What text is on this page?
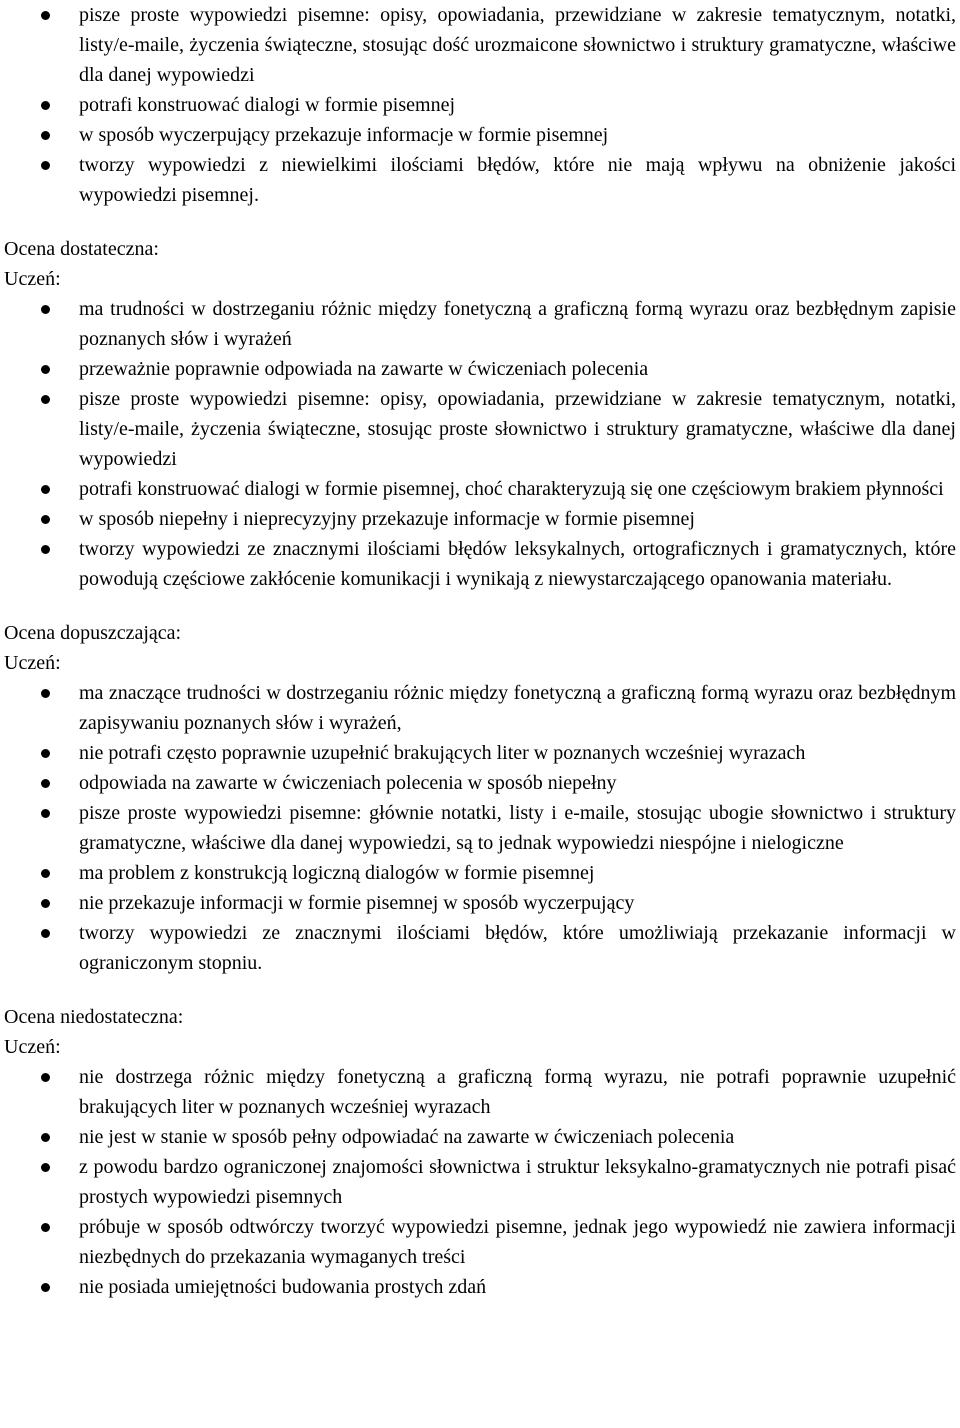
pisze proste wypowiedzi pisemne: opisy, opowiadania, przewidziane w zakresie tematycznym, notatki, listy/e-maile, życzenia świąteczne, stosując dość urozmaicone słownictwo i struktury gramatyczne, właściwe dla danej wypowiedzi
potrafi konstruować dialogi w formie pisemnej
w sposób wyczerpujący przekazuje informacje w formie pisemnej
tworzy wypowiedzi z niewielkimi ilościami błędów, które nie mają wpływu na obniżenie jakości wypowiedzi pisemnej.
Ocena dostateczna:
Uczeń:
ma trudności w dostrzeganiu różnic między fonetyczną a graficzną formą wyrazu oraz bezbłędnym zapisie poznanych słów i wyrażeń
przeważnie poprawnie odpowiada na zawarte w ćwiczeniach polecenia
pisze proste wypowiedzi pisemne: opisy, opowiadania, przewidziane w zakresie tematycznym, notatki, listy/e-maile, życzenia świąteczne, stosując proste słownictwo i struktury gramatyczne, właściwe dla danej wypowiedzi
potrafi konstruować dialogi w formie pisemnej, choć charakteryzują się one częściowym brakiem płynności
w sposób niepełny i nieprecyzyjny przekazuje informacje w formie pisemnej
tworzy wypowiedzi ze znacznymi ilościami błędów leksykalnych, ortograficznych i gramatycznych, które powodują częściowe zakłócenie komunikacji i wynikają z niewystarczającego opanowania materiału.
Ocena dopuszczająca:
Uczeń:
ma znaczące trudności w dostrzeganiu różnic między fonetyczną a graficzną formą wyrazu oraz bezbłędnym zapisywaniu poznanych słów i wyrażeń,
nie potrafi często poprawnie uzupełnić brakujących liter w poznanych wcześniej wyrazach
odpowiada na zawarte w ćwiczeniach polecenia w sposób niepełny
pisze proste wypowiedzi pisemne: głównie notatki, listy i e-maile, stosując ubogie słownictwo i struktury gramatyczne, właściwe dla danej wypowiedzi, są to jednak wypowiedzi niespójne i nielogiczne
ma problem z konstrukcją logiczną dialogów w formie pisemnej
nie przekazuje informacji w formie pisemnej w sposób wyczerpujący
tworzy wypowiedzi ze znacznymi ilościami błędów, które umożliwiają przekazanie informacji w ograniczonym stopniu.
Ocena niedostateczna:
Uczeń:
nie dostrzega różnic między fonetyczną a graficzną formą wyrazu, nie potrafi poprawnie uzupełnić brakujących liter w poznanych wcześniej wyrazach
nie jest w stanie w sposób pełny odpowiadać na zawarte w ćwiczeniach polecenia
z powodu bardzo ograniczonej znajomości słownictwa i struktur leksykalno-gramatycznych nie potrafi pisać prostych wypowiedzi pisemnych
próbuje w sposób odtwórczy tworzyć wypowiedzi pisemne, jednak jego wypowiedź nie zawiera informacji niezbędnych do przekazania wymaganych treści
nie posiada umiejętności budowania prostych zdań
